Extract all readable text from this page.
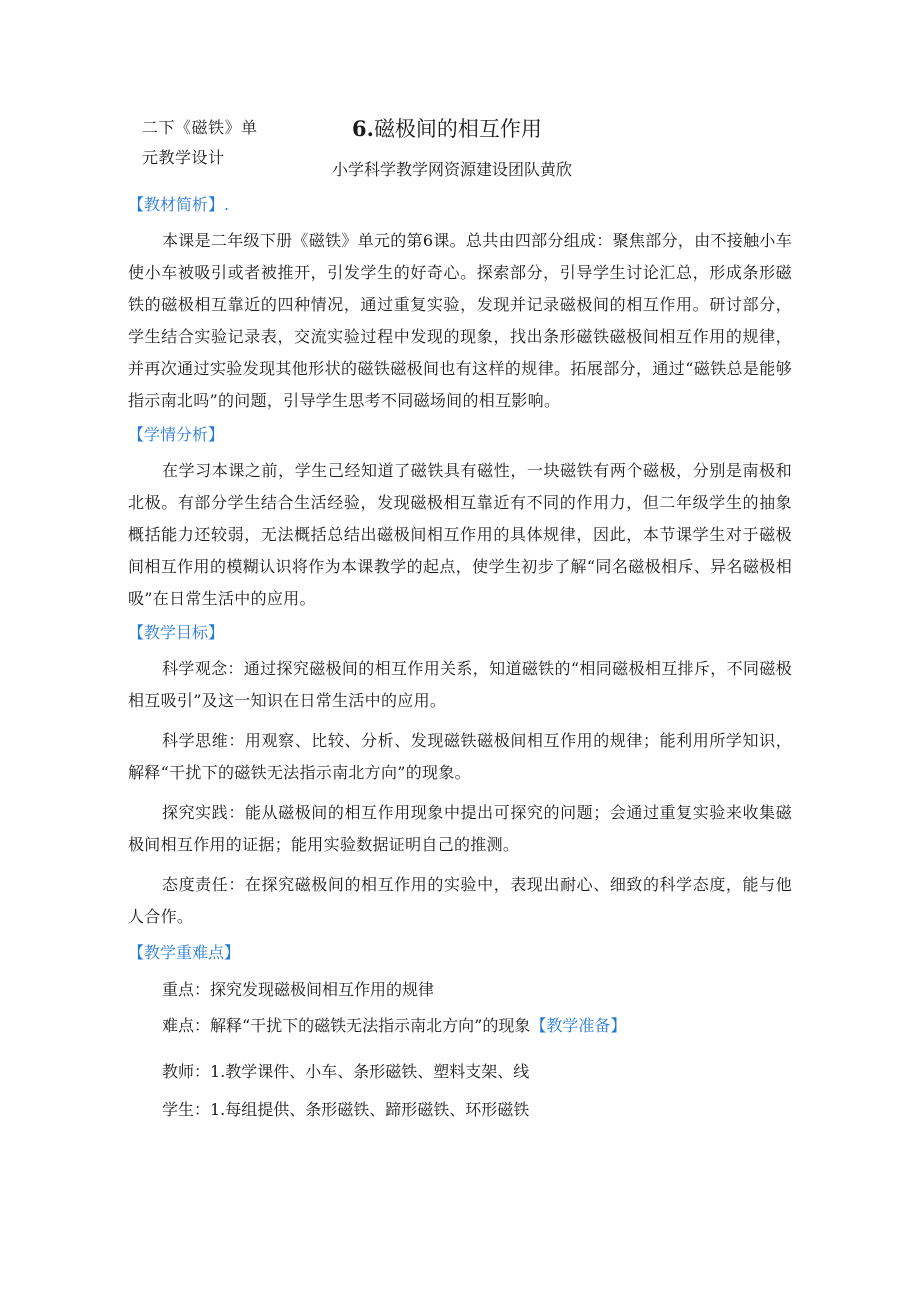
二下《磁铁》单元教学设计
6.磁极间的相互作用
小学科学教学网资源建设团队黄欣

【教材简析】.

本课是二年级下册《磁铁》单元的第6课。总共由四部分组成：聚焦部分，由不接触小车使小车被吸引或者被推开，引发学生的好奇心。探索部分，引导学生讨论汇总，形成条形磁铁的磁极相互靠近的四种情况，通过重复实验，发现并记录磁极间的相互作用。研讨部分，学生结合实验记录表，交流实验过程中发现的现象，找出条形磁铁磁极间相互作用的规律，并再次通过实验发现其他形状的磁铁磁极间也有这样的规律。拓展部分，通过“磁铁总是能够指示南北吗”的问题，引导学生思考不同磁场间的相互影响。

【学情分析】

在学习本课之前，学生己经知道了磁铁具有磁性，一块磁铁有两个磁极，分别是南极和北极。有部分学生结合生活经验，发现磁极相互靠近有不同的作用力，但二年级学生的抽象概括能力还较弱，无法概括总结出磁极间相互作用的具体规律，因此，本节课学生对于磁极间相互作用的模糊认识将作为本课教学的起点，使学生初步了解“同名磁极相斥、异名磁极相吸”在日常生活中的应用。

【教学目标】

科学观念：通过探究磁极间的相互作用关系，知道磁铁的“相同磁极相互排斥，不同磁极相互吸引”及这一知识在日常生活中的应用。

科学思维：用观察、比较、分析、发现磁铁磁极间相互作用的规律；能利用所学知识，解释“干扰下的磁铁无法指示南北方向”的现象。

探究实践：能从磁极间的相互作用现象中提出可探究的问题；会通过重复实验来收集磁极间相互作用的证据；能用实验数据证明自己的推测。

态度责任：在探究磁极间的相互作用的实验中，表现出耐心、细致的科学态度，能与他人合作。

【教学重难点】

重点：探究发现磁极间相互作用的规律

难点：解释“干扰下的磁铁无法指示南北方向”的现象【教学准备】

教师：1.教学课件、小车、条形磁铁、塑料支架、线

学生：1.每组提供、条形磁铁、蹄形磁铁、环形磁铁
